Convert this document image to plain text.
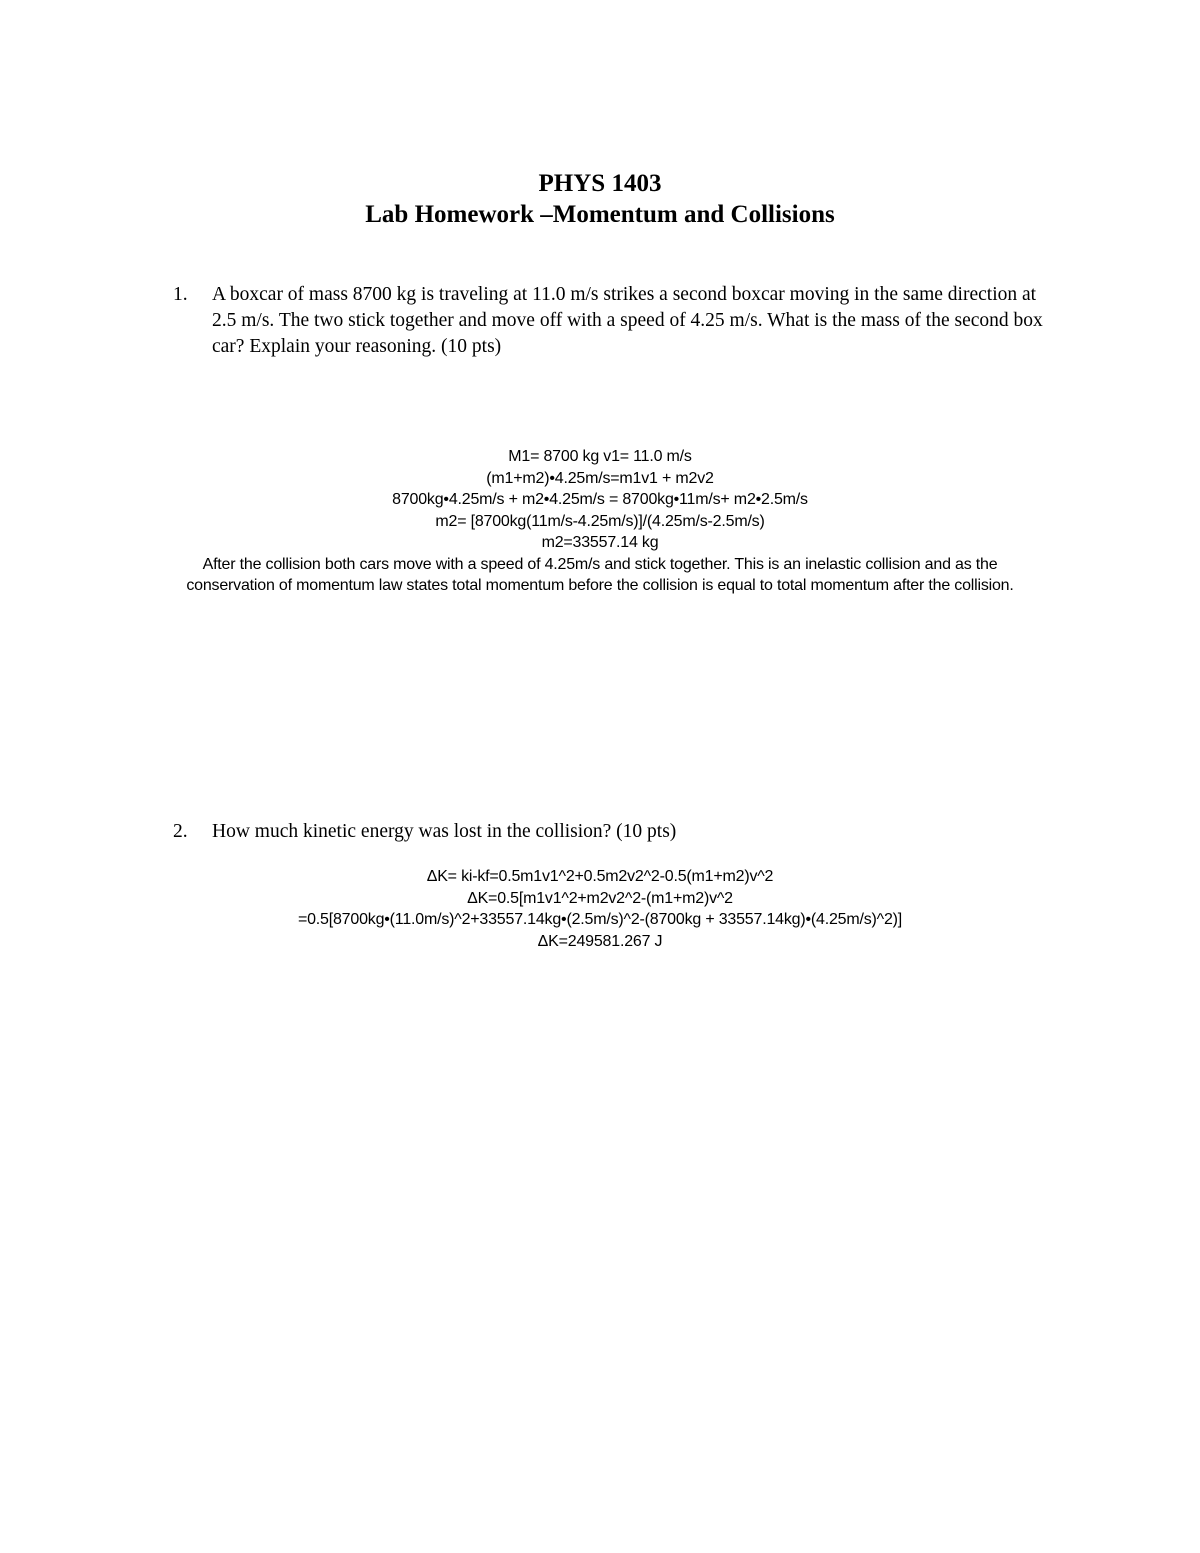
PHYS 1403
Lab Homework –Momentum and Collisions
1.	A boxcar of mass 8700 kg is traveling at 11.0 m/s strikes a second boxcar moving in the same direction at 2.5 m/s. The two stick together and move off with a speed of 4.25 m/s. What is the mass of the second box car? Explain your reasoning. (10 pts)
M1= 8700 kg v1= 11.0 m/s
(m1+m2)•4.25m/s=m1v1 + m2v2
8700kg•4.25m/s + m2•4.25m/s = 8700kg•11m/s+ m2•2.5m/s
m2= [8700kg(11m/s-4.25m/s)]/(4.25m/s-2.5m/s)
m2=33557.14 kg
After the collision both cars move with a speed of 4.25m/s and stick together. This is an inelastic collision and as the conservation of momentum law states total momentum before the collision is equal to total momentum after the collision.
2.	How much kinetic energy was lost in the collision? (10 pts)
ΔK= ki-kf=0.5m1v1^2+0.5m2v2^2-0.5(m1+m2)v^2
ΔK=0.5[m1v1^2+m2v2^2-(m1+m2)v^2
=0.5[8700kg•(11.0m/s)^2+33557.14kg•(2.5m/s)^2-(8700kg + 33557.14kg)•(4.25m/s)^2)]
ΔK=249581.267 J
